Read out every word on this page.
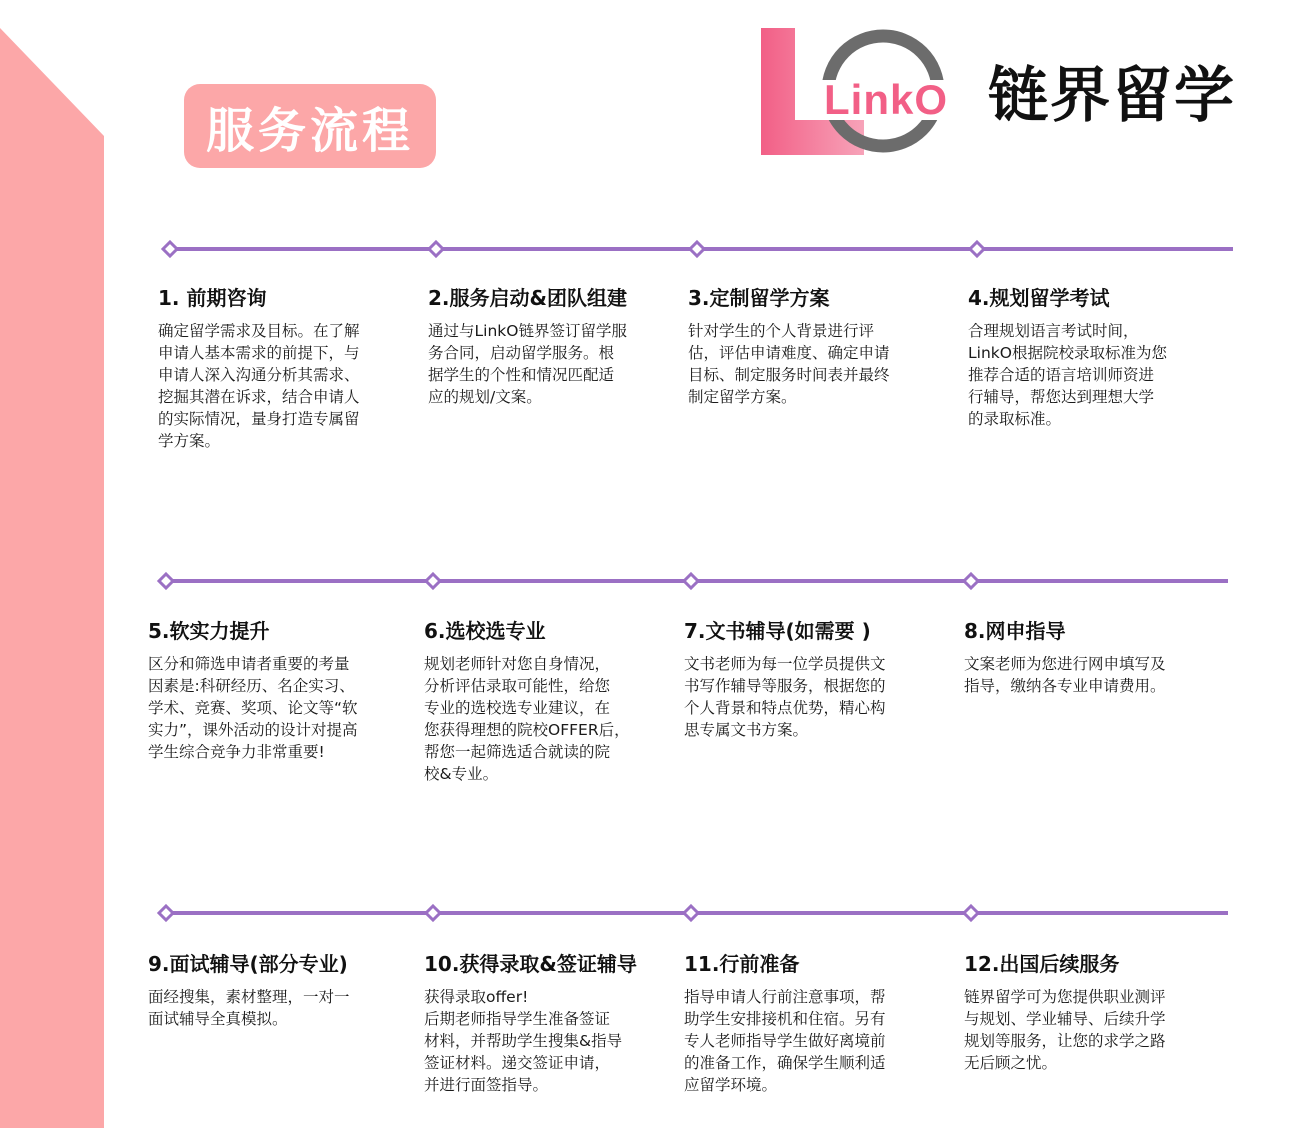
服务流程
LinkO 链界留学
1. 前期咨询

确定留学需求及目标。在了解
申请人基本需求的前提下，与
申请人深入沟通分析其需求、
挖掘其潜在诉求，结合申请人
的实际情况，量身打造专属留
学方案。

2.服务启动&团队组建

通过与LinkO链界签订留学服
务合同，启动留学服务。根
据学生的个性和情况匹配适
应的规划/文案。

3.定制留学方案

针对学生的个人背景进行评
估，评估申请难度、确定申请
目标、制定服务时间表并最终
制定留学方案。

4.规划留学考试

合理规划语言考试时间，
LinkO根据院校录取标准为您
推荐合适的语言培训师资进
行辅导，帮您达到理想大学
的录取标准。

5.软实力提升

区分和筛选申请者重要的考量
因素是:科研经历、名企实习、
学术、竞赛、奖项、论文等“软
实力”，课外活动的设计对提高
学生综合竞争力非常重要!

6.选校选专业

规划老师针对您自身情况，
分析评估录取可能性，给您
专业的选校选专业建议，在
您获得理想的院校OFFER后，
帮您一起筛选适合就读的院
校&专业。

7.文书辅导(如需要 )

文书老师为每一位学员提供文
书写作辅导等服务，根据您的
个人背景和特点优势，精心构
思专属文书方案。

8.网申指导

文案老师为您进行网申填写及
指导，缴纳各专业申请费用。

9.面试辅导(部分专业)

面经搜集，素材整理，一对一
面试辅导全真模拟。

10.获得录取&签证辅导

获得录取offer!
后期老师指导学生准备签证
材料，并帮助学生搜集&指导
签证材料。递交签证申请，
并进行面签指导。

11.行前准备

指导申请人行前注意事项，帮
助学生安排接机和住宿。另有
专人老师指导学生做好离境前
的准备工作，确保学生顺利适
应留学环境。

12.出国后续服务

链界留学可为您提供职业测评
与规划、学业辅导、后续升学
规划等服务，让您的求学之路
无后顾之忧。
